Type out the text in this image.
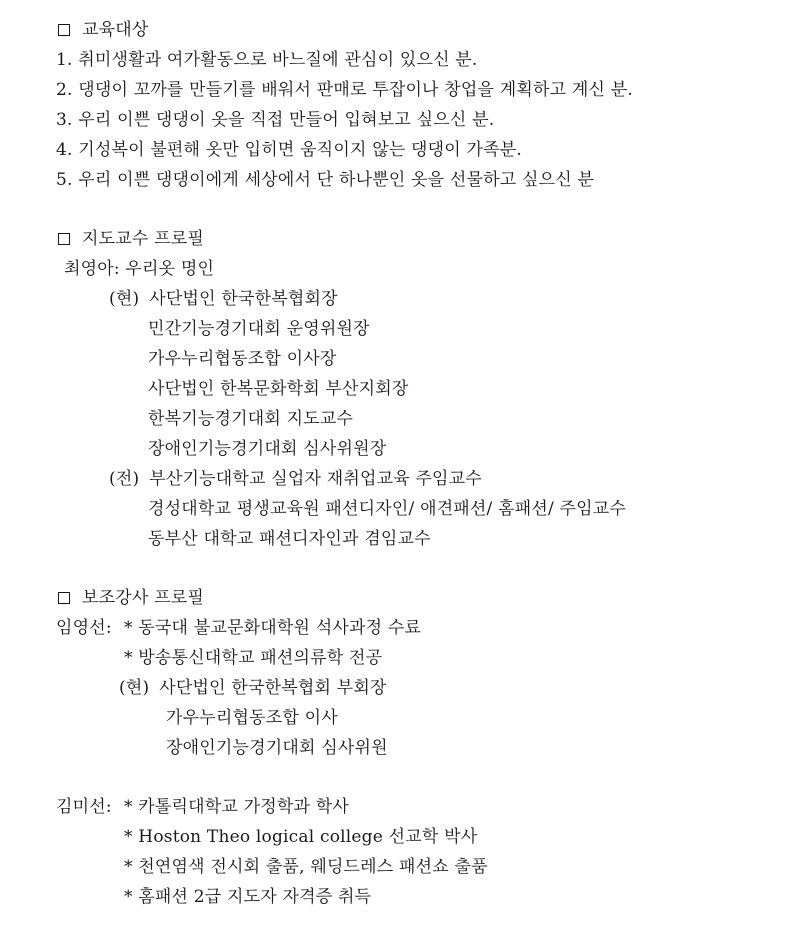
교육대상
1. 취미생활과 여가활동으로 바느질에 관심이 있으신 분.
2. 댕댕이 꼬까를 만들기를 배워서 판매로 투잡이나 창업을 계획하고 계신 분.
3. 우리 이쁜 댕댕이 옷을 직접 만들어 입혀보고 싶으신 분.
4. 기성복이 불편해 옷만 입히면 움직이지 않는 댕댕이 가족분.
5. 우리 이쁜 댕댕이에게 세상에서 단 하나뿐인 옷을 선물하고 싶으신 분
지도교수 프로필
최영아: 우리옷 명인
(현) 사단법인 한국한복협회장
민간기능경기대회 운영위원장
가우누리협동조합 이사장
사단법인 한복문화학회 부산지회장
한복기능경기대회 지도교수
장애인기능경기대회 심사위원장
(전) 부산기능대학교 실업자 재취업교육 주임교수
경성대학교 평생교육원 패션디자인/ 애견패션/ 홈패션/ 주임교수
동부산 대학교 패션디자인과 겸임교수
보조강사 프로필
임영선: * 동국대 불교문화대학원 석사과정 수료
* 방송통신대학교 패션의류학 전공
(현) 사단법인 한국한복협회 부회장
가우누리협동조합 이사
장애인기능경기대회 심사위원
김미선: * 카톨릭대학교 가정학과 학사
* Hoston Theo logical college 선교학 박사
* 천연염색 전시회 출품, 웨딩드레스 패션쇼 출품
* 홈패션 2급 지도자 자격증 취득
